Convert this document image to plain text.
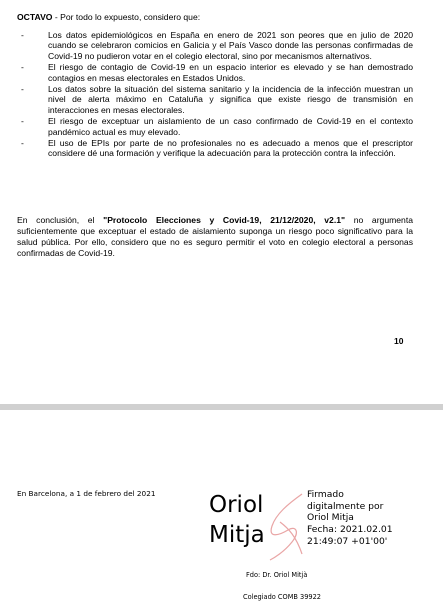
OCTAVO - Por todo lo expuesto, considero que:
-	Los datos epidemiológicos en España en enero de 2021 son peores que en julio de 2020 cuando se celebraron comicios en Galicia y el País Vasco donde las personas confirmadas de Covid-19 no pudieron votar en el colegio electoral, sino por mecanismos alternativos.
-	El riesgo de contagio de Covid-19 en un espacio interior es elevado y se han demostrado contagios en mesas electorales en Estados Unidos.
-	Los datos sobre la situación del sistema sanitario y la incidencia de la infección muestran un nivel de alerta máximo en Cataluña y significa que existe riesgo de transmisión en interacciones en mesas electorales.
-	El riesgo de exceptuar un aislamiento de un caso confirmado de Covid-19 en el contexto pandémico actual es muy elevado.
-	El uso de EPIs por parte de no profesionales no es adecuado a menos que el prescriptor considere dé una formación y verifique la adecuación para la protección contra la infección.
En conclusión, el "Protocolo Elecciones y Covid-19, 21/12/2020, v2.1" no argumenta suficientemente que exceptuar el estado de aislamiento suponga un riesgo poco significativo para la salud pública. Por ello, considero que no es seguro permitir el voto en colegio electoral a personas confirmadas de Covid-19.
10
En Barcelona, a 1 de febrero del 2021 Oriol
Mitja
Firmado
digitalmente por
Oriol Mitja
Fecha: 2021.02.01
21:49:07 +01'00'
Fdo: Dr. Oriol Mitjà
Colegiado COMB 39922
